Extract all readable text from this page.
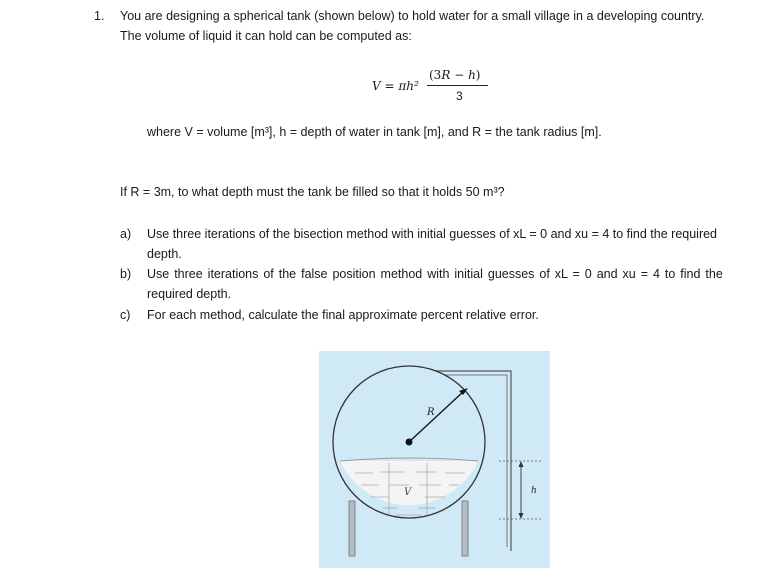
1. You are designing a spherical tank (shown below) to hold water for a small village in a developing country.
The volume of liquid it can hold can be computed as:
V = πh²
(3R − h)
3
where V = volume [m³], h = depth of water in tank [m], and R = the tank radius [m].
If R = 3m, to what depth must the tank be filled so that it holds 50 m³?
a) Use three iterations of the bisection method with initial guesses of xL = 0 and xu = 4 to find the required
depth.
b) Use three iterations of the false position method with initial guesses of xL = 0 and xu = 4 to find the
required depth.
c) For each method, calculate the final approximate percent relative error.
R
V	h
